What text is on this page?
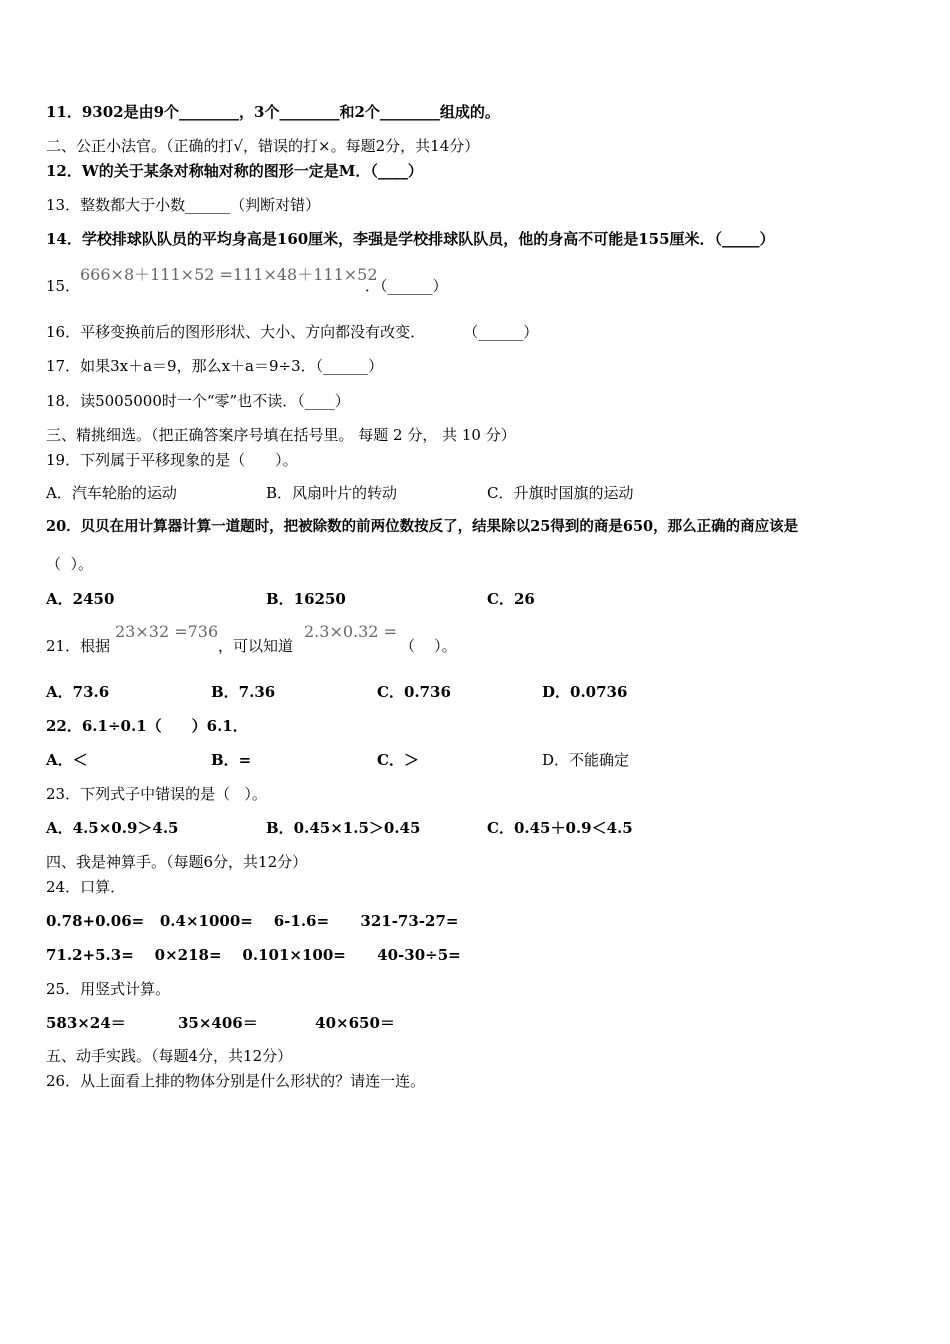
11．9302是由9个________，3个________和2个________组成的。
二、公正小法官。（正确的打√，错误的打×。每题2分，共14分）
12．W的关于某条对称轴对称的图形一定是M．（____）
13．整数都大于小数______（判断对错）
14．学校排球队队员的平均身高是160厘米，李强是学校排球队队员，他的身高不可能是155厘米．（_____）
15．
666×8＋111×52 =111×48＋111×52
．（______）
16．平移变换前后的图形形状、大小、方向都没有改变．        （______）
17．如果3x＋a＝9，那么x＋a＝9÷3．（______）
18．读5005000时一个“零”也不读．（____）
三、精挑细选。（把正确答案序号填在括号里。 每题 2 分， 共 10 分）
19．下列属于平移现象的是（　　）。
A．汽车轮胎的运动	B．风扇叶片的转动	C．升旗时国旗的运动
20．贝贝在用计算器计算一道题时，把被除数的前两位数按反了，结果除以25得到的商是650，那么正确的商应该是
（  ）。
A．2450	B．16250	C．26
21．根据
23×32 =736
，可以知道
2.3×0.32 =
（    ）。
A．73.6	B．7.36	C．0.736	D．0.0736
22．6.1÷0.1（　　）6.1．
A．＜	B．=	C．＞	D．不能确定
23．下列式子中错误的是（   ）。
A．4.5×0.9＞4.5	B．0.45×1.5＞0.45	C．0.45＋0.9＜4.5
四、我是神算手。（每题6分，共12分）
24．口算．
0.78+0.06=   0.4×1000=    6-1.6=      321-73-27=
71.2+5.3=    0×218=    0.101×100=      40-30÷5=
25．用竖式计算。
583×24＝          35×406＝           40×650＝
五、动手实践。（每题4分，共12分）
26．从上面看上排的物体分别是什么形状的？请连一连。
